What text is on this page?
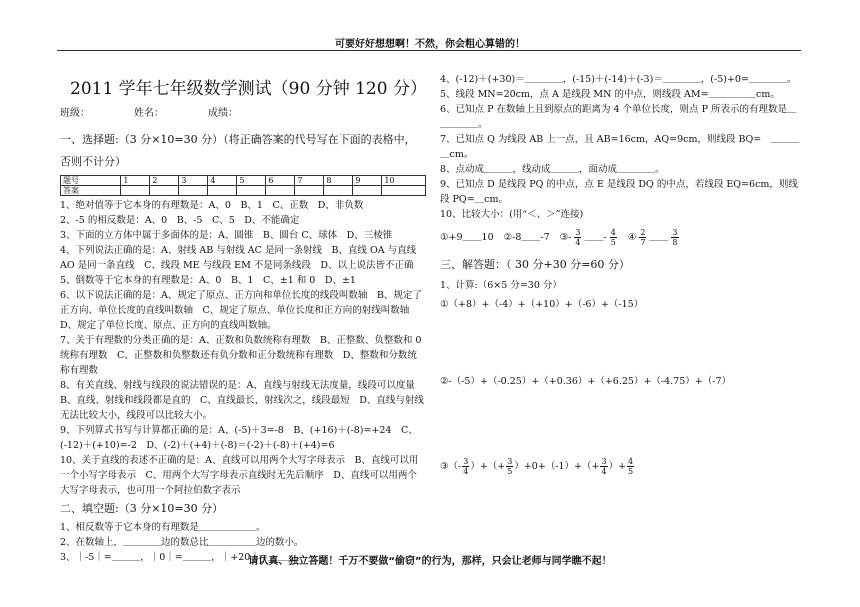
可要好好想想啊！不然，你会粗心算错的！
2011 学年七年级数学测试（90 分钟 120 分）
班级：	姓名：	成绩：
一、选择题:（3 分×10=30 分）（将正确答案的代号写在下面的表格中，否则不计分）
题号	1	2	3	4	5	6	7	8	9	10
答案										

1、绝对值等于它本身的有理数是：A、0　B、1　C、正数　D、非负数

2、-5 的相反数是：A、0　B、-5　C、5　D、不能确定

3、下面的立方体中属于多面体的是：A、圆锥　B、圆台 C、球体　D、三棱锥

4、下列说法正确的是：A、射线 AB 与射线 AC 是同一条射线　B、直线 OA 与直线 AO 是同一条直线　C、线段 ME 与线段 EM 不是同条线段　D、以上说法皆不正确

5、倒数等于它本身的有理数是：A、0　B、1　C、±1 和 0　D、±1

6、以下说法正确的是：A、规定了原点、正方向和单位长度的线段叫数轴　B、规定了正方向、单位长度的直线叫数轴　C、规定了原点、单位长度和正方向的射线叫数轴　D、规定了单位长度、原点、正方向的直线叫数轴。

7、关于有理数的分类正确的是：A、正数和负数统称有理数　B、正整数、负整数和 0 统称有理数　C、正整数和负整数还有负分数和正分数统称有理数　D、整数和分数统称有理数

8、有关直线、射线与线段的说法错误的是：A、直线与射线无法度量，线段可以度量　B、直线、射线和线段都是直的　C、直线最长，射线次之，线段最短　D、直线与射线无法比较大小，线段可以比较大小。

9、下列算式书写与计算都正确的是：A、(-5)＋3=-8　B、(+16)＋(-8)=+24　C、(-12)＋(+10)=-2　D、(-2)＋(+4)＋(-8)＝(-2)＋(-8)＋(+4)=6

10、关于直线的表述不正确的是：A、直线可以用两个大写字母表示　B、直线可以用一个小写字母表示　C、用两个大写字母表示直线时无先后顺序　D、直线可以用两个大写字母表示，也可用一个阿拉伯数字表示

二、填空题:（3 分×10=30 分）

1、相反数等于它本身的有理数是＿＿＿＿＿＿。

2、在数轴上，＿＿＿＿边的数总比＿＿＿＿＿边的数小。

3、｜-5｜=＿＿＿，｜0｜=＿＿＿，｜+20｜=＿＿＿。

4、(-12)＋(+30)＝＿＿＿＿，(-15)＋(-14)＋(-3)＝＿＿＿＿，(-5)+0=＿＿＿＿。

5、线段 MN=20cm，点 A 是线段 MN 的中点，则线段 AM=＿＿＿＿＿cm。

6、已知点 P 在数轴上且到原点的距离为 4 个单位长度，则点 P 所表示的有理数是＿＿＿＿＿。

7、已知点 Q 为线段 AB 上一点，且 AB=16cm，AQ=9cm，则线段 BQ=　＿＿＿＿cm。

8、点动成＿＿＿，线动成＿＿＿，面动成＿＿＿＿。

9、已知点 D 是线段 PQ 的中点，点 E 是线段 DQ 的中点，若线段 EQ=6cm，则线段 PQ=＿cm。

10、比较大小：(用“＜、＞”连接)

①+9＿＿10 ②-8＿＿-7 ③- $\frac{3}{4}$ ＿＿- $\frac{4}{5}$ ④ $\frac{2}{7}$ ＿＿ $\frac{3}{8}$
三、解答题：（ 30 分+30 分=60 分）

1、计算:（6×5 分=30 分）

①（+8）+（-4）+（+10）+（-6）+（-15）

②-（-5）+（-0.25）+（+0.36）+（+6.25）+（-4.75）+（-7）

③（- $\frac{3}{4}$ ）+（+ $\frac{3}{5} )+0+(-1)+(+ \frac{3}{4}$ ）+ $\frac{4}{5}$
请认真、独立答题！千万不要做“偷窃”的行为，那样，只会让老师与同学瞧不起！
